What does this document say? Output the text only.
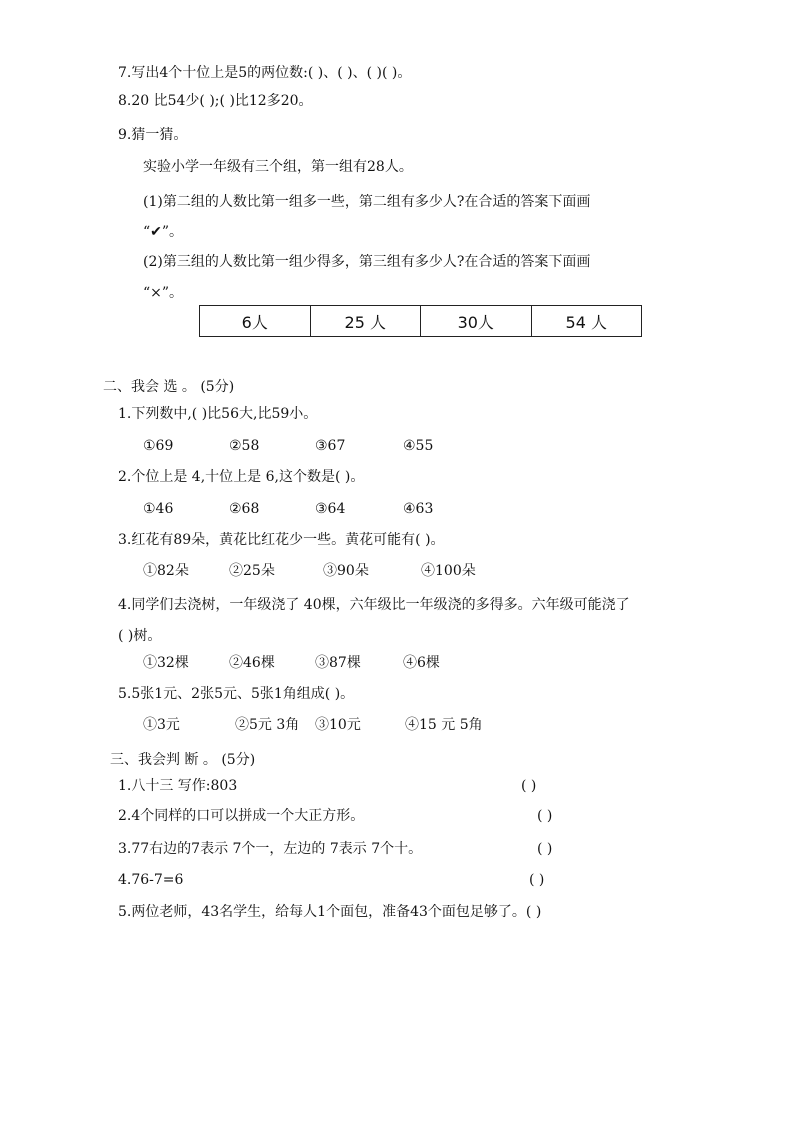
7.写出4个十位上是5的两位数:( )、( )、( )( )。
8.20 比54少( );( )比12多20。
9.猜一猜。
实验小学一年级有三个组，第一组有28人。
(1)第二组的人数比第一组多一些，第二组有多少人?在合适的答案下面画
“✔”。
(2)第三组的人数比第一组少得多，第三组有多少人?在合适的答案下面画
“×”。
6人	25 人	30人	54 人
二、我会 选 。 (5分)
1.下列数中,( )比56大,比59小。
①69	②58	③67	④55
2.个位上是 4,十位上是 6,这个数是( )。
①46	②68	③64	④63
3.红花有89朵，黄花比红花少一些。黄花可能有( )。
①82朵	②25朵	③90朵	④100朵
4.同学们去浇树，一年级浇了 40棵，六年级比一年级浇的多得多。六年级可能浇了
( )树。
①32棵	②46棵	③87棵	④6棵
5.5张1元、2张5元、5张1角组成( )。
①3元	②5元 3角 ③10元	④15 元 5角
三、我会判 断 。 (5分)
1.八十三 写作:803	( )
2.4个同样的口可以拼成一个大正方形。	( )
3.77右边的7表示 7个一，左边的 7表示 7个十。	( )
4.76-7=6	( )
5.两位老师，43名学生，给每人1个面包，准备43个面包足够了。( )
